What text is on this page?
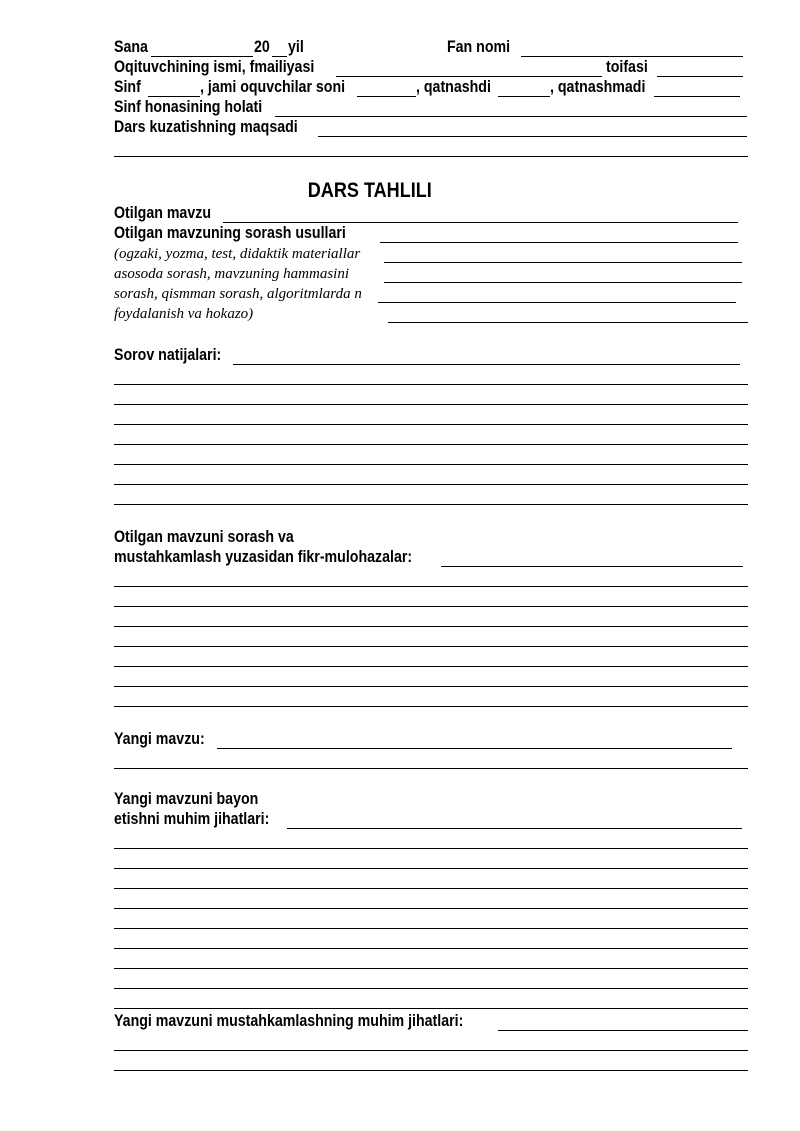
Sana	20 yil	Fan nomi
Oqituvchining ismi, fmailiyasi	toifasi
Sinf	, jami oquvchilar soni	, qatnashdi	, qatnashmadi
Sinf honasining holati
Dars kuzatishning maqsadi
DARS TAHLILI
Otilgan mavzu
Otilgan mavzuning sorash usullari
(ogzaki, yozma, test, didaktik materiallar
asosoda sorash, mavzuning hammasini
sorash, qismman sorash, algoritmlarda n
foydalanish va hokazo)
Sorov natijalari:
Otilgan mavzuni sorash va
mustahkamlash yuzasidan fikr-mulohazalar:
Yangi mavzu:
Yangi mavzuni bayon
etishni muhim jihatlari:
Yangi mavzuni mustahkamlashning muhim jihatlari:
